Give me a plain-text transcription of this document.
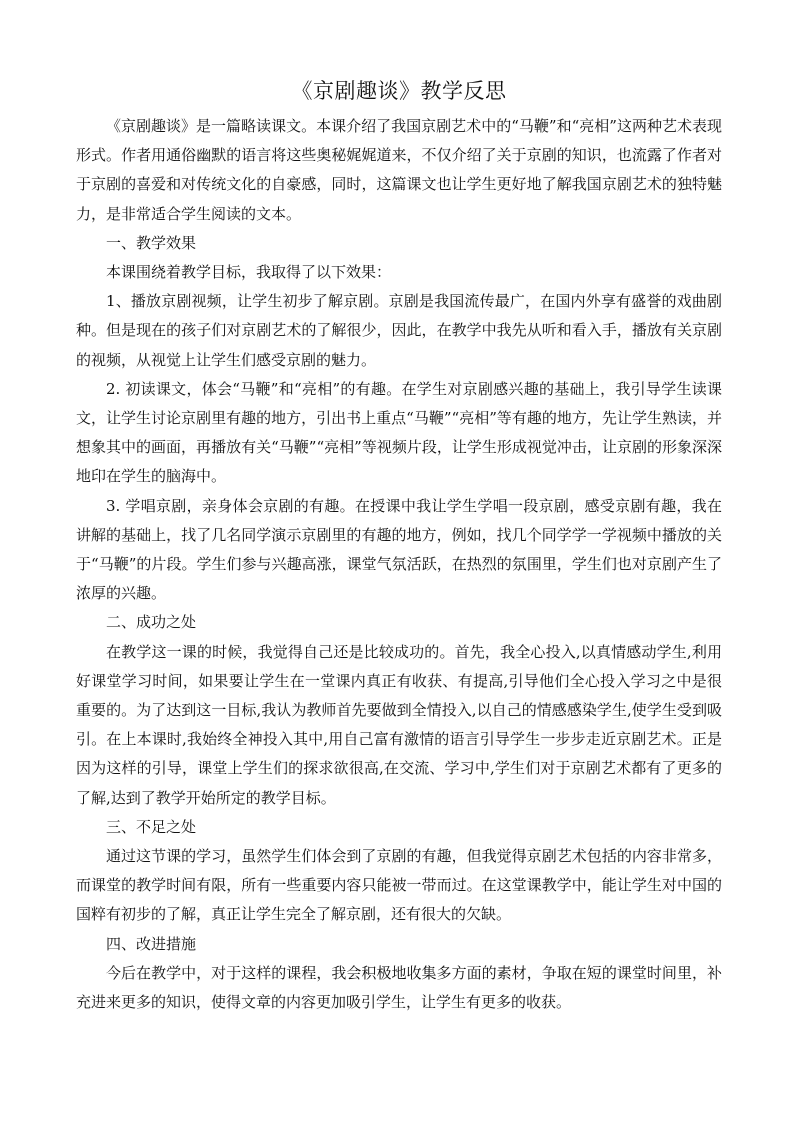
《京剧趣谈》教学反思

《京剧趣谈》是一篇略读课文。本课介绍了我国京剧艺术中的“马鞭”和“亮相”这两种艺术表现形式。作者用通俗幽默的语言将这些奥秘娓娓道来，不仅介绍了关于京剧的知识，也流露了作者对于京剧的喜爱和对传统文化的自豪感，同时，这篇课文也让学生更好地了解我国京剧艺术的独特魅力，是非常适合学生阅读的文本。

一、教学效果

本课围绕着教学目标，我取得了以下效果：

1、播放京剧视频，让学生初步了解京剧。京剧是我国流传最广，在国内外享有盛誉的戏曲剧种。但是现在的孩子们对京剧艺术的了解很少，因此，在教学中我先从听和看入手，播放有关京剧的视频，从视觉上让学生们感受京剧的魅力。

2. 初读课文，体会“马鞭”和“亮相”的有趣。在学生对京剧感兴趣的基础上，我引导学生读课文，让学生讨论京剧里有趣的地方，引出书上重点“马鞭”“亮相”等有趣的地方，先让学生熟读，并想象其中的画面，再播放有关“马鞭”“亮相”等视频片段，让学生形成视觉冲击，让京剧的形象深深地印在学生的脑海中。

3. 学唱京剧，亲身体会京剧的有趣。在授课中我让学生学唱一段京剧，感受京剧有趣，我在讲解的基础上，找了几名同学演示京剧里的有趣的地方，例如，找几个同学学一学视频中播放的关于“马鞭”的片段。学生们参与兴趣高涨，课堂气氛活跃，在热烈的氛围里，学生们也对京剧产生了浓厚的兴趣。

二、成功之处

在教学这一课的时候，我觉得自己还是比较成功的。首先，我全心投入,以真情感动学生,利用好课堂学习时间，如果要让学生在一堂课内真正有收获、有提高,引导他们全心投入学习之中是很重要的。为了达到这一目标,我认为教师首先要做到全情投入,以自己的情感感染学生,使学生受到吸引。在上本课时,我始终全神投入其中,用自己富有激情的语言引导学生一步步走近京剧艺术。正是因为这样的引导，课堂上学生们的探求欲很高,在交流、学习中,学生们对于京剧艺术都有了更多的了解,达到了教学开始所定的教学目标。

三、不足之处

通过这节课的学习，虽然学生们体会到了京剧的有趣，但我觉得京剧艺术包括的内容非常多，而课堂的教学时间有限，所有一些重要内容只能被一带而过。在这堂课教学中，能让学生对中国的国粹有初步的了解，真正让学生完全了解京剧，还有很大的欠缺。

四、改进措施

今后在教学中，对于这样的课程，我会积极地收集多方面的素材，争取在短的课堂时间里，补充进来更多的知识，使得文章的内容更加吸引学生，让学生有更多的收获。
